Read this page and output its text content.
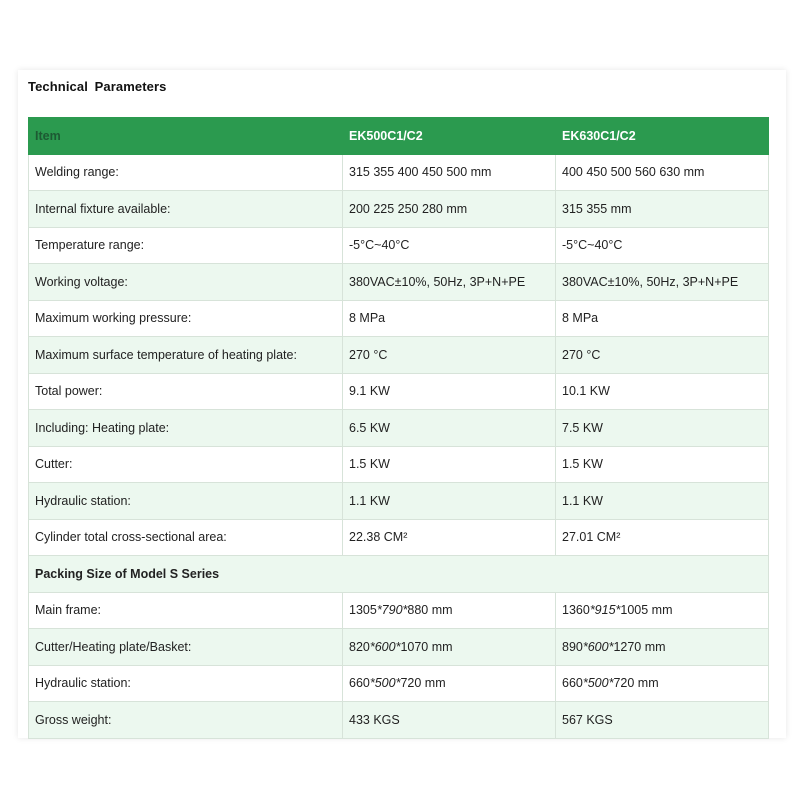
Technical Parameters
Item	EK500C1/C2	EK630C1/C2
Welding range:	315 355 400 450 500 mm	400 450 500 560 630 mm
Internal fixture available:	200 225 250 280 mm	315 355 mm
Temperature range:	-5°C~40°C	-5°C~40°C
Working voltage:	380VAC±10%, 50Hz, 3P+N+PE	380VAC±10%, 50Hz, 3P+N+PE
Maximum working pressure:	8 MPa	8 MPa
Maximum surface temperature of heating plate:	270 °C	270 °C
Total power:	9.1 KW	10.1 KW
Including: Heating plate:	6.5 KW	7.5 KW
Cutter:	1.5 KW	1.5 KW
Hydraulic station:	1.1 KW	1.1 KW
Cylinder total cross-sectional area:	22.38 CM²	27.01 CM²
Packing Size of Model S Series		
Main frame:	1305*790*880 mm	1360*915*1005 mm
Cutter/Heating plate/Basket:	820*600*1070 mm	890*600*1270 mm
Hydraulic station:	660*500*720 mm	660*500*720 mm
Gross weight:	433 KGS	567 KGS
